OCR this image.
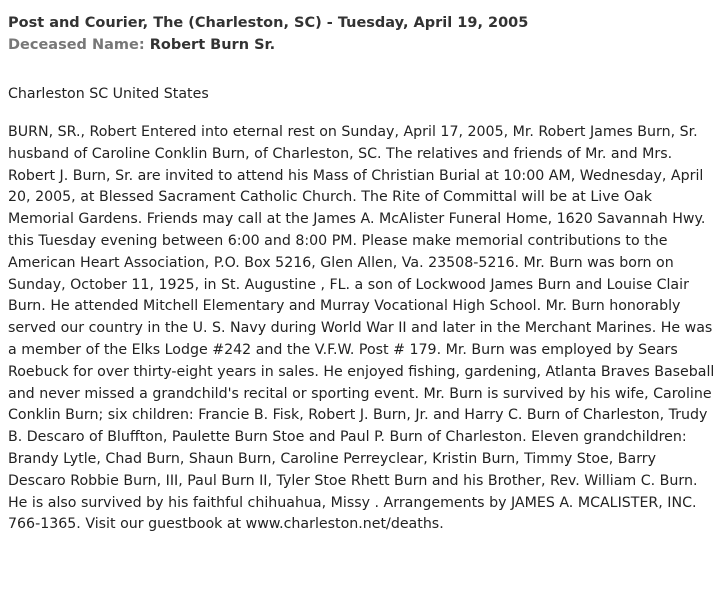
Post and Courier, The (Charleston, SC) - Tuesday, April 19, 2005
Deceased Name: Robert Burn Sr.
Charleston SC United States
BURN, SR., Robert Entered into eternal rest on Sunday, April 17, 2005, Mr. Robert James Burn, Sr. husband of Caroline Conklin Burn, of Charleston, SC. The relatives and friends of Mr. and Mrs. Robert J. Burn, Sr. are invited to attend his Mass of Christian Burial at 10:00 AM, Wednesday, April 20, 2005, at Blessed Sacrament Catholic Church. The Rite of Committal will be at Live Oak Memorial Gardens. Friends may call at the James A. McAlister Funeral Home, 1620 Savannah Hwy. this Tuesday evening between 6:00 and 8:00 PM. Please make memorial contributions to the American Heart Association, P.O. Box 5216, Glen Allen, Va. 23508-5216. Mr. Burn was born on Sunday, October 11, 1925, in St. Augustine , FL. a son of Lockwood James Burn and Louise Clair Burn. He attended Mitchell Elementary and Murray Vocational High School. Mr. Burn honorably served our country in the U. S. Navy during World War II and later in the Merchant Marines. He was a member of the Elks Lodge #242 and the V.F.W. Post # 179. Mr. Burn was employed by Sears Roebuck for over thirty-eight years in sales. He enjoyed fishing, gardening, Atlanta Braves Baseball and never missed a grandchild's recital or sporting event. Mr. Burn is survived by his wife, Caroline Conklin Burn; six children: Francie B. Fisk, Robert J. Burn, Jr. and Harry C. Burn of Charleston, Trudy B. Descaro of Bluffton, Paulette Burn Stoe and Paul P. Burn of Charleston. Eleven grandchildren: Brandy Lytle, Chad Burn, Shaun Burn, Caroline Perreyclear, Kristin Burn, Timmy Stoe, Barry Descaro Robbie Burn, III, Paul Burn II, Tyler Stoe Rhett Burn and his Brother, Rev. William C. Burn. He is also survived by his faithful chihuahua, Missy . Arrangements by JAMES A. MCALISTER, INC. 766-1365. Visit our guestbook at www.charleston.net/deaths.
